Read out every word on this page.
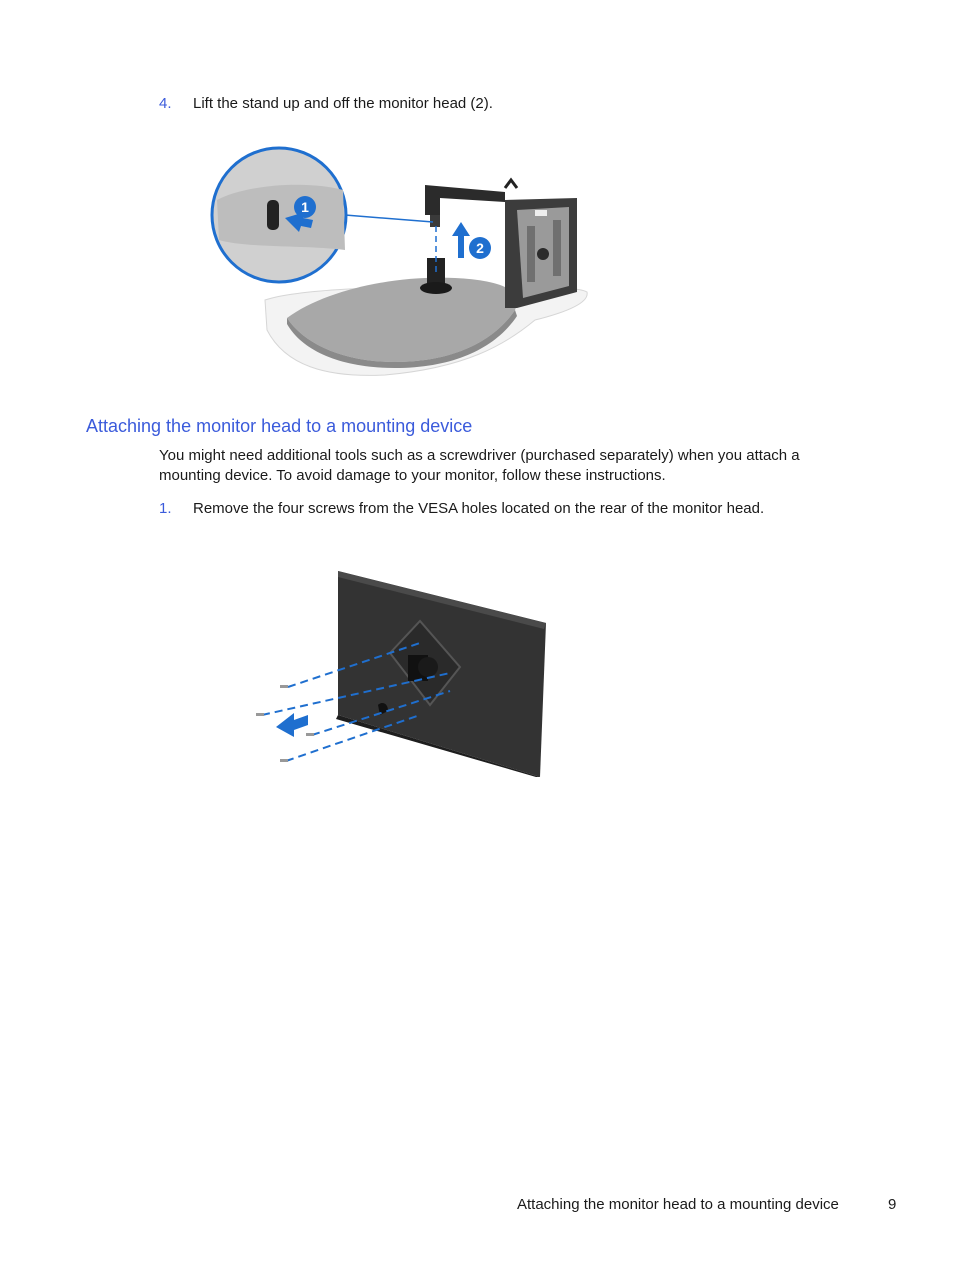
4. Lift the stand up and off the monitor head (2).
1
2
Attaching the monitor head to a mounting device
You might need additional tools such as a screwdriver (purchased separately) when you attach a
mounting device. To avoid damage to your monitor, follow these instructions.
1. Remove the four screws from the VESA holes located on the rear of the monitor head.
Attaching the monitor head to a mounting device	9
